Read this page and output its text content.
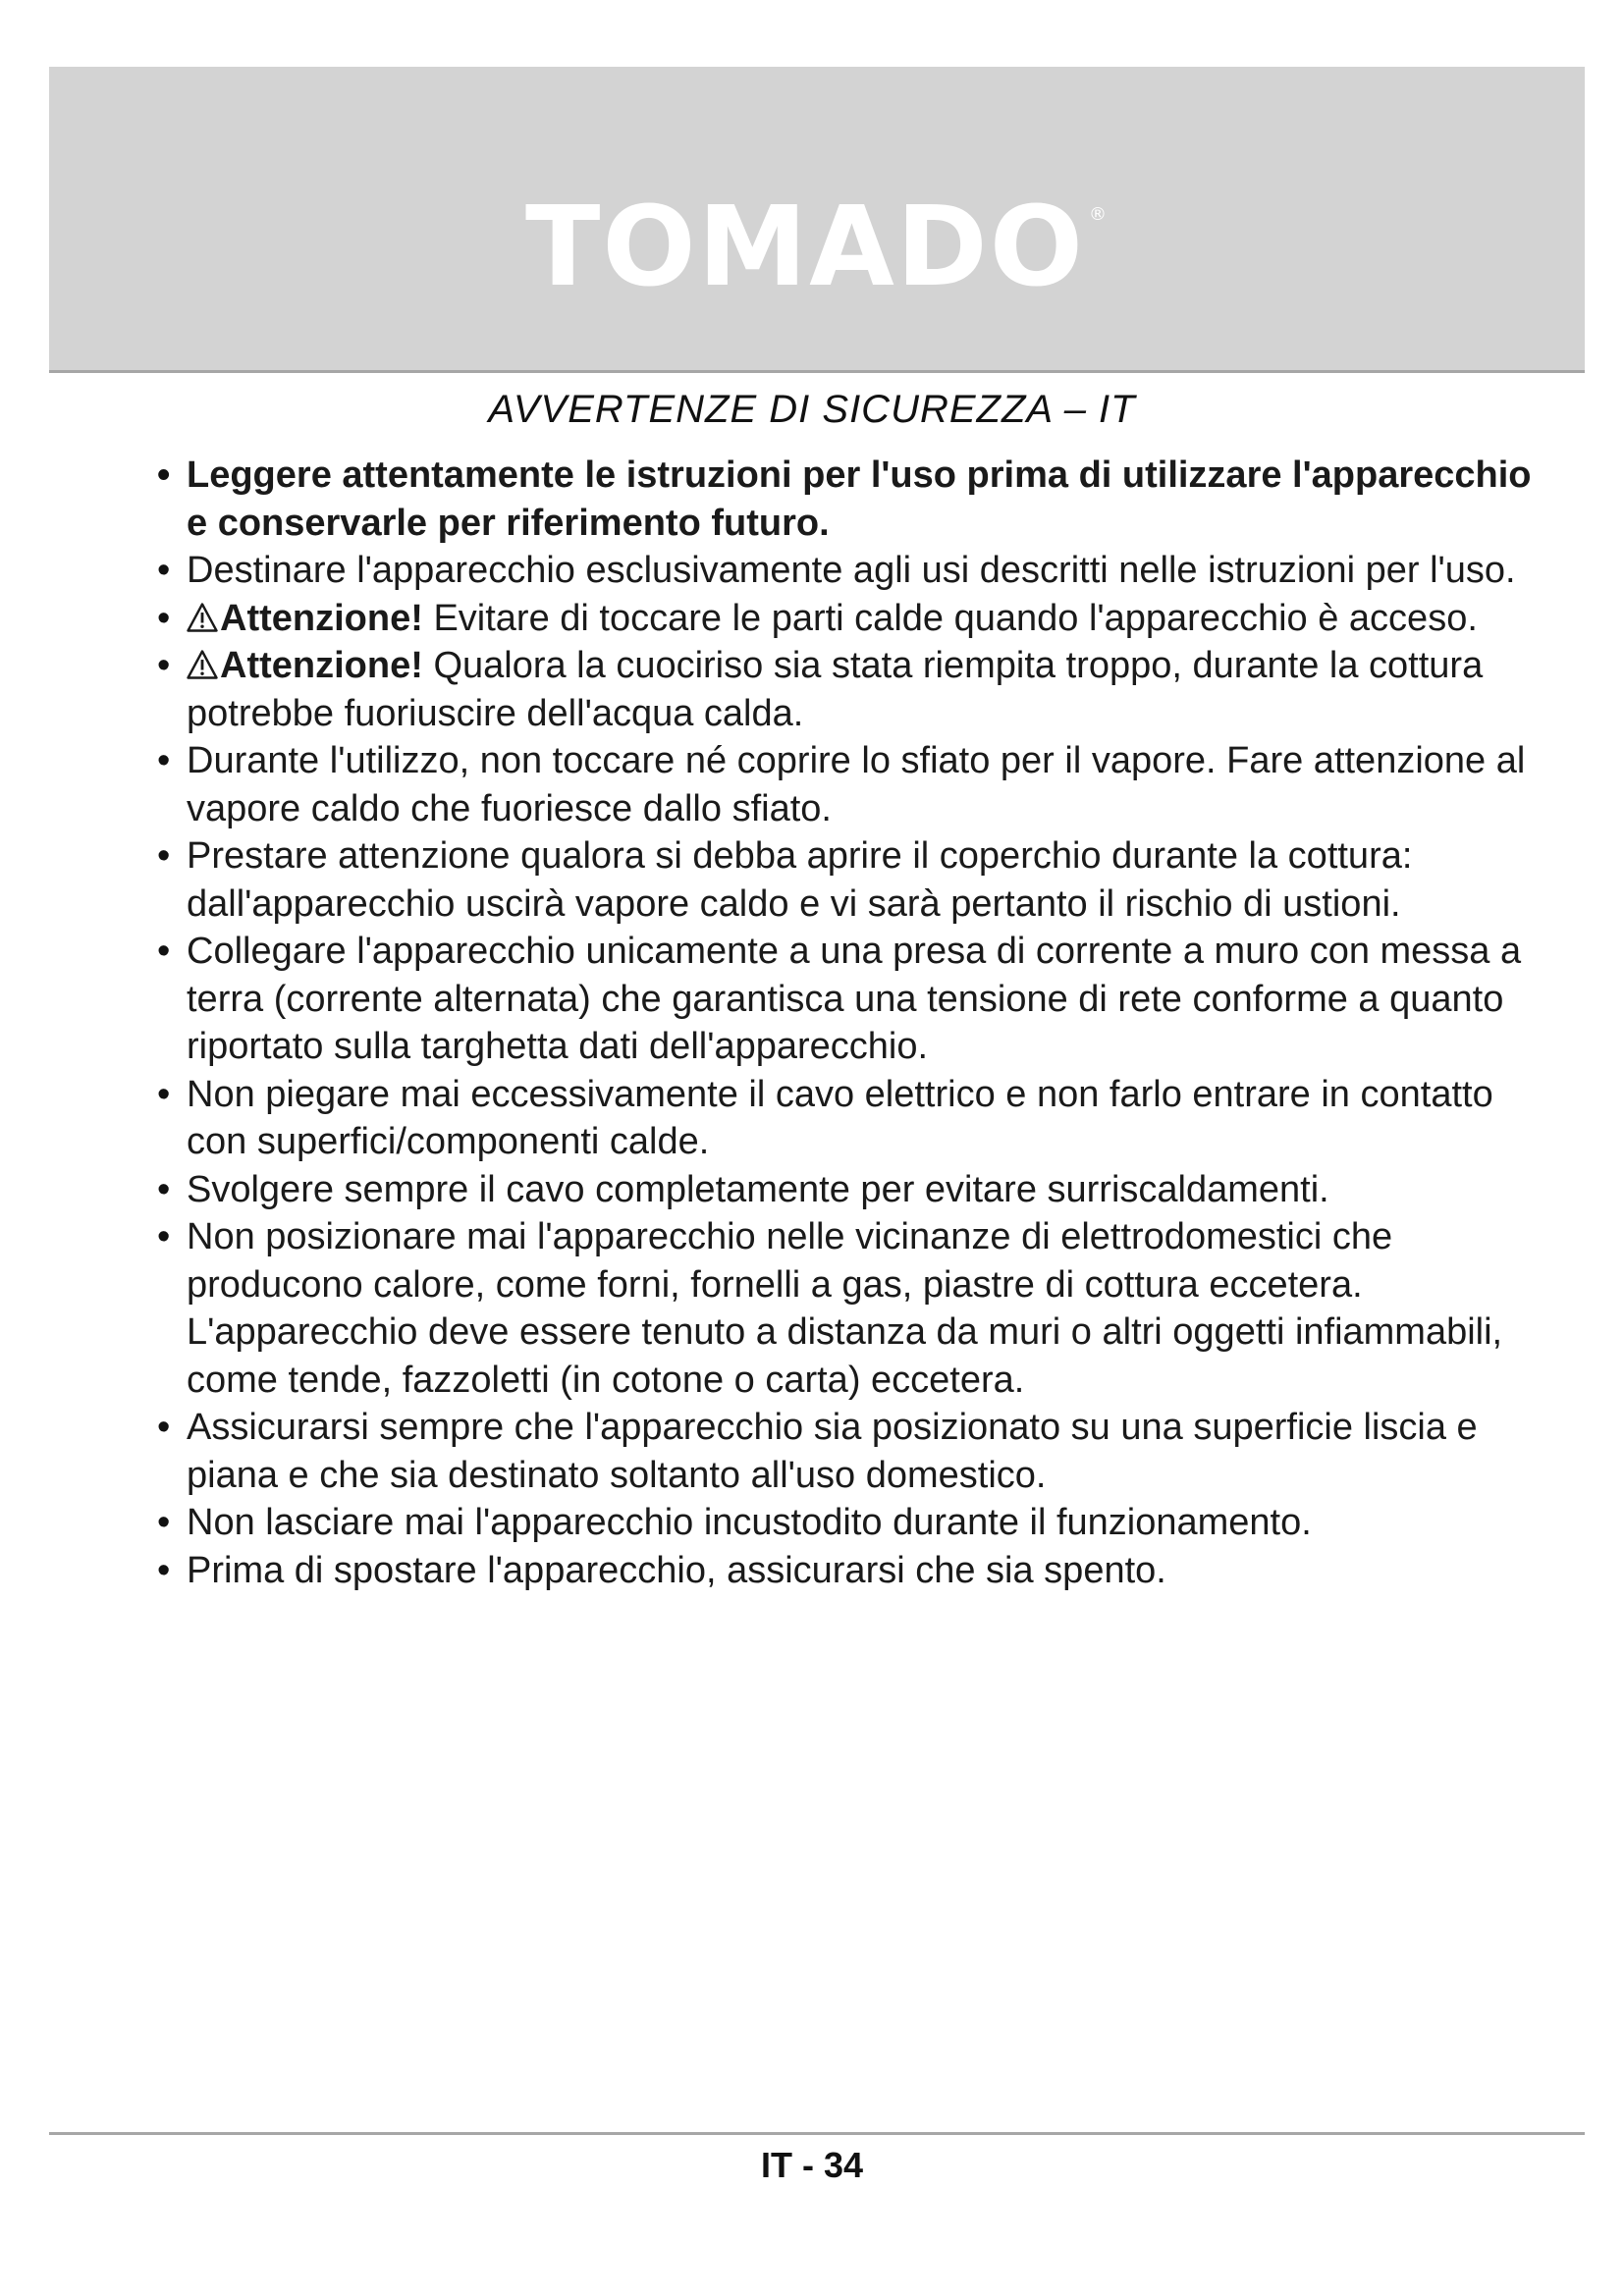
TOMADO ®
AVVERTENZE DI SICUREZZA – IT
• Leggere attentamente le istruzioni per l'uso prima di utilizzare l'apparecchio e conservarle per riferimento futuro.
• Destinare l'apparecchio esclusivamente agli usi descritti nelle istruzioni per l'uso.
• Attenzione! Evitare di toccare le parti calde quando l'apparecchio è acceso.
• Attenzione! Qualora la cuociriso sia stata riempita troppo, durante la cottura potrebbe fuoriuscire dell'acqua calda.
• Durante l'utilizzo, non toccare né coprire lo sfiato per il vapore. Fare attenzione al vapore caldo che fuoriesce dallo sfiato.
• Prestare attenzione qualora si debba aprire il coperchio durante la cottura: dall'apparecchio uscirà vapore caldo e vi sarà pertanto il rischio di ustioni.
• Collegare l'apparecchio unicamente a una presa di corrente a muro con messa a terra (corrente alternata) che garantisca una tensione di rete conforme a quanto riportato sulla targhetta dati dell'apparecchio.
• Non piegare mai eccessivamente il cavo elettrico e non farlo entrare in contatto con superfici/componenti calde.
• Svolgere sempre il cavo completamente per evitare surriscaldamenti.
• Non posizionare mai l'apparecchio nelle vicinanze di elettrodomestici che producono calore, come forni, fornelli a gas, piastre di cottura eccetera. L'apparecchio deve essere tenuto a distanza da muri o altri oggetti infiammabili, come tende, fazzoletti (in cotone o carta) eccetera.
• Assicurarsi sempre che l'apparecchio sia posizionato su una superficie liscia e piana e che sia destinato soltanto all'uso domestico.
• Non lasciare mai l'apparecchio incustodito durante il funzionamento.
• Prima di spostare l'apparecchio, assicurarsi che sia spento.
IT - 34
